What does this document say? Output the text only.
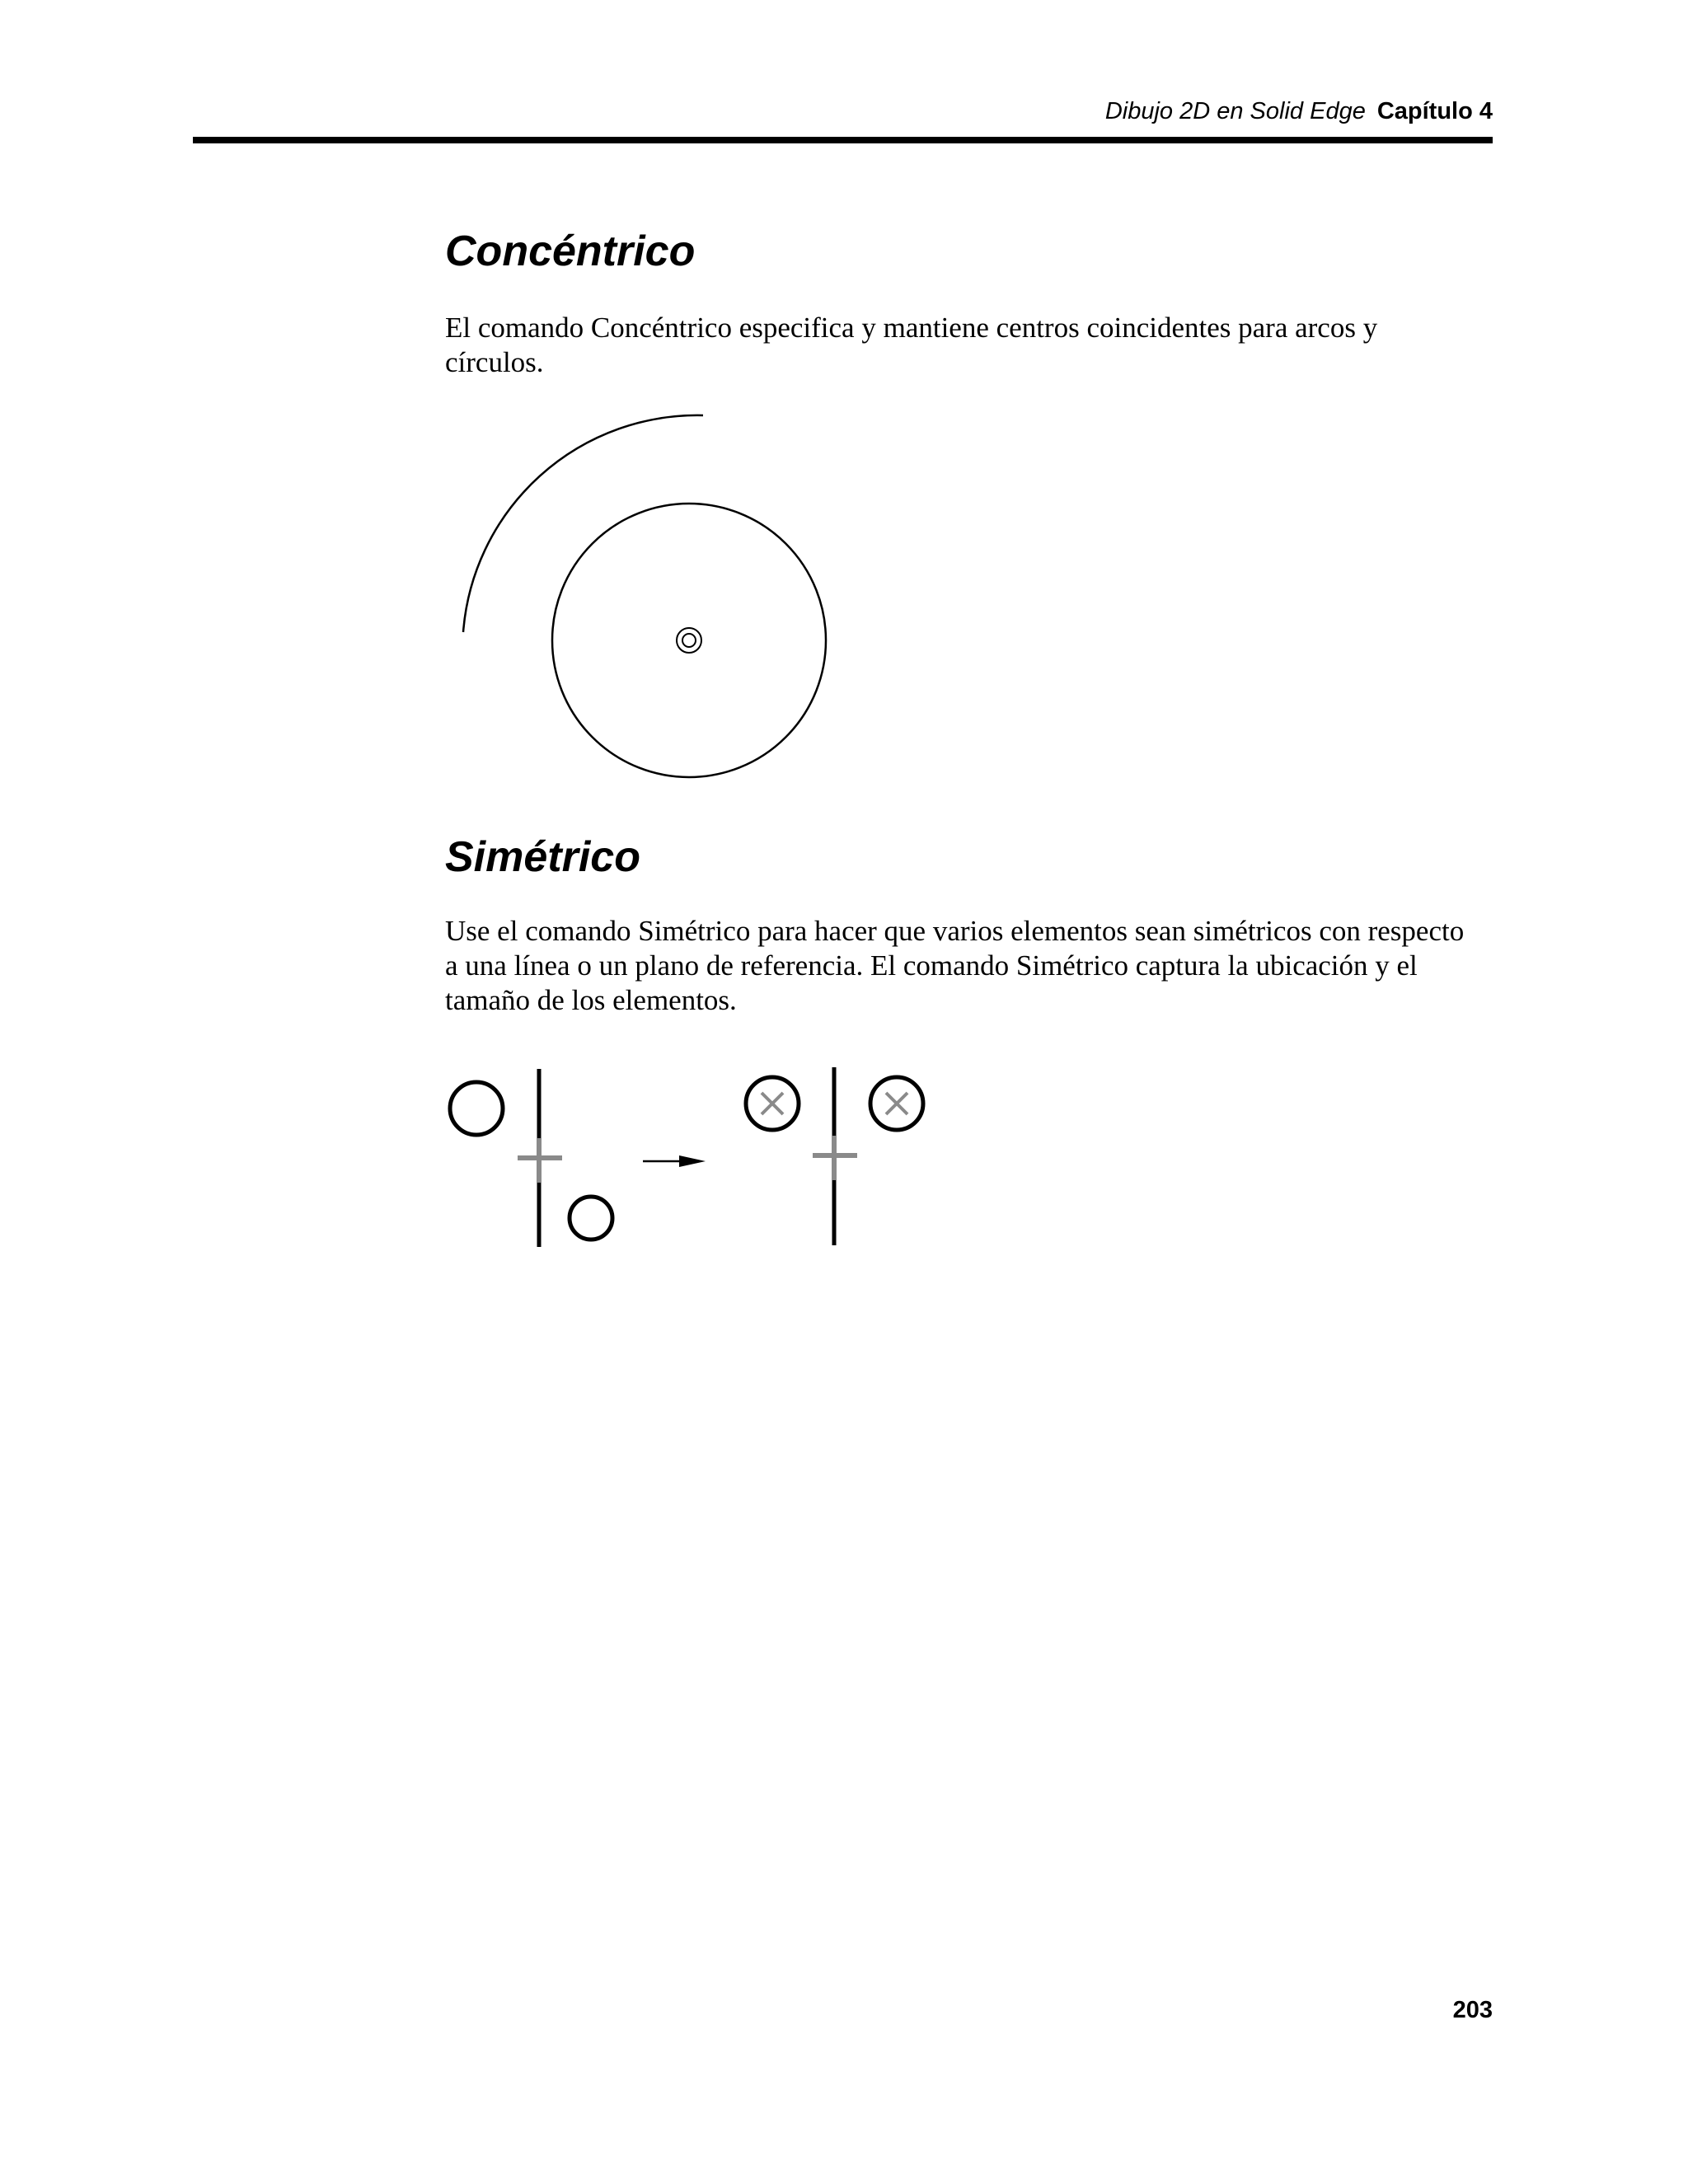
Dibujo 2D en Solid Edge Capítulo 4
Concéntrico

El comando Concéntrico especifica y mantiene centros coincidentes para arcos y círculos.

Simétrico

Use el comando Simétrico para hacer que varios elementos sean simétricos con respecto a una línea o un plano de referencia. El comando Simétrico captura la ubicación y el tamaño de los elementos.

203
